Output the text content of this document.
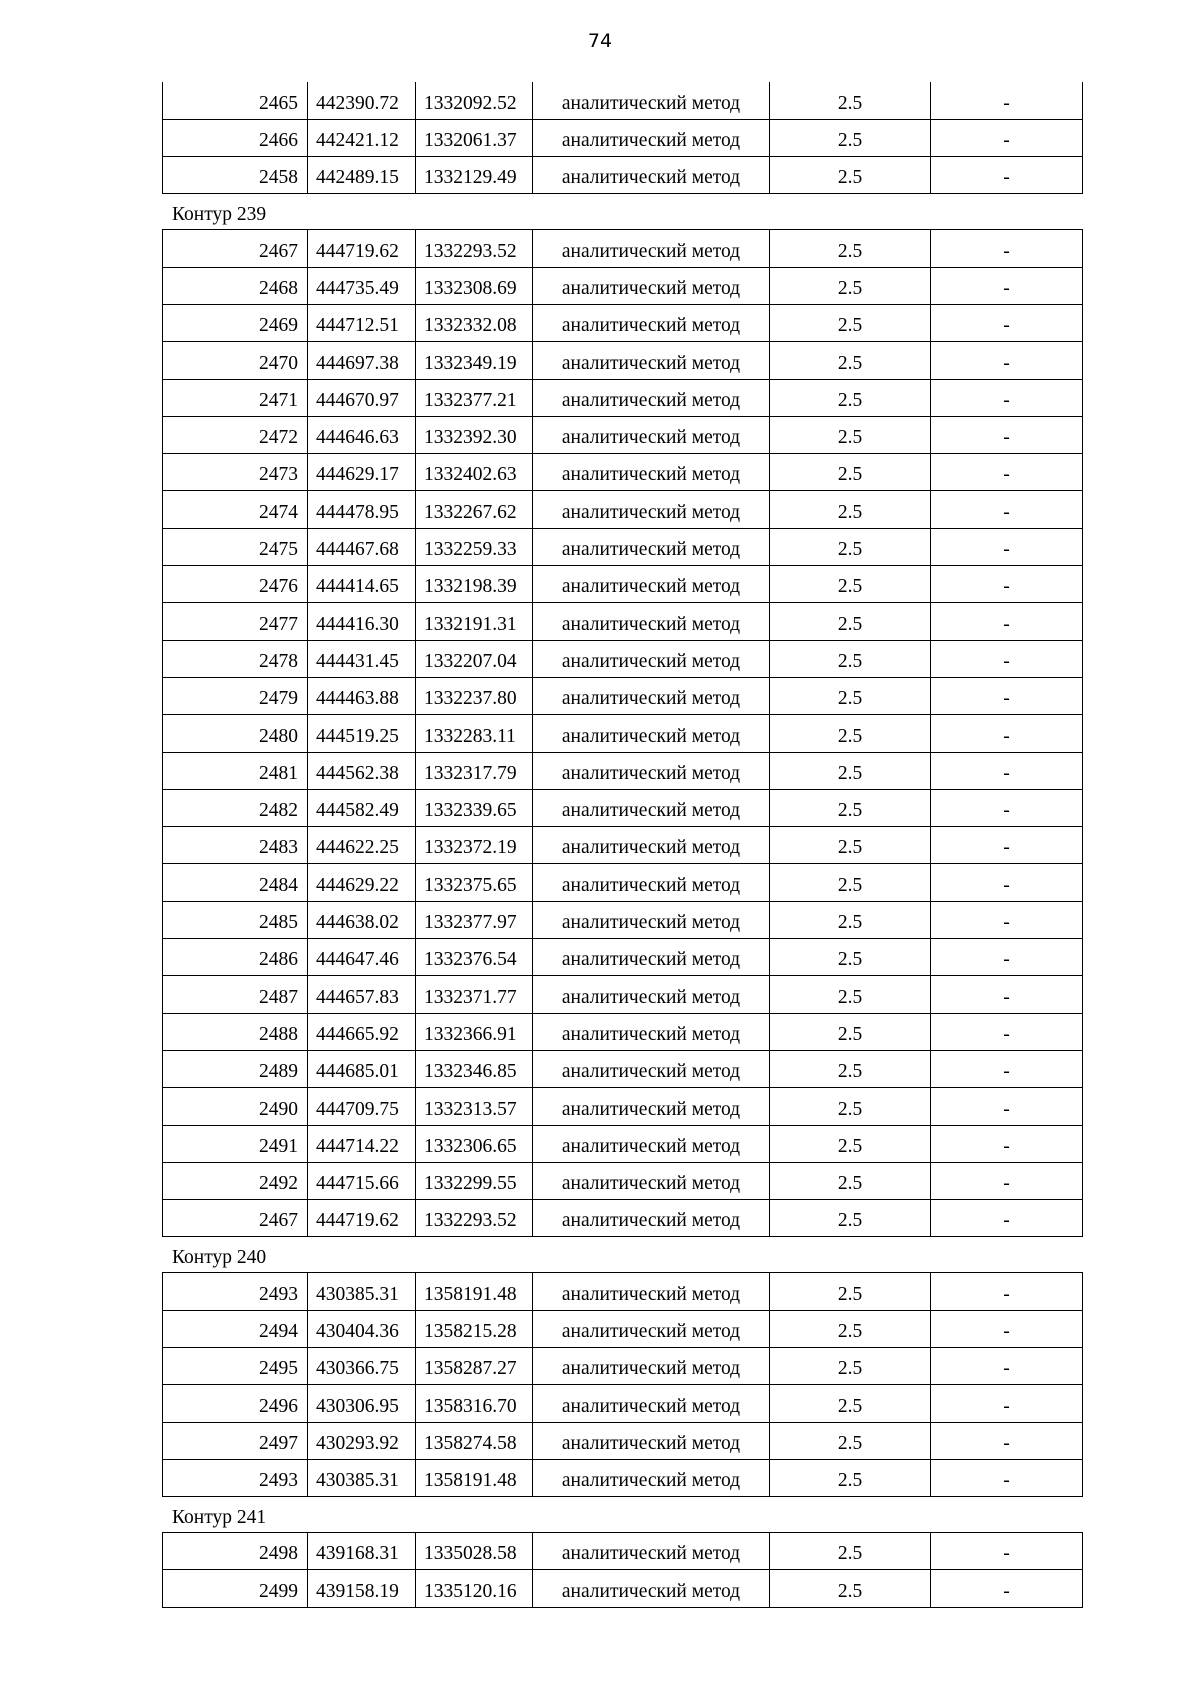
74
2465	442390.72	1332092.52	аналитический метод	2.5	-
2466	442421.12	1332061.37	аналитический метод	2.5	-
2458	442489.15	1332129.49	аналитический метод	2.5	-
Контур 239
2467	444719.62	1332293.52	аналитический метод	2.5	-
2468	444735.49	1332308.69	аналитический метод	2.5	-
2469	444712.51	1332332.08	аналитический метод	2.5	-
2470	444697.38	1332349.19	аналитический метод	2.5	-
2471	444670.97	1332377.21	аналитический метод	2.5	-
2472	444646.63	1332392.30	аналитический метод	2.5	-
2473	444629.17	1332402.63	аналитический метод	2.5	-
2474	444478.95	1332267.62	аналитический метод	2.5	-
2475	444467.68	1332259.33	аналитический метод	2.5	-
2476	444414.65	1332198.39	аналитический метод	2.5	-
2477	444416.30	1332191.31	аналитический метод	2.5	-
2478	444431.45	1332207.04	аналитический метод	2.5	-
2479	444463.88	1332237.80	аналитический метод	2.5	-
2480	444519.25	1332283.11	аналитический метод	2.5	-
2481	444562.38	1332317.79	аналитический метод	2.5	-
2482	444582.49	1332339.65	аналитический метод	2.5	-
2483	444622.25	1332372.19	аналитический метод	2.5	-
2484	444629.22	1332375.65	аналитический метод	2.5	-
2485	444638.02	1332377.97	аналитический метод	2.5	-
2486	444647.46	1332376.54	аналитический метод	2.5	-
2487	444657.83	1332371.77	аналитический метод	2.5	-
2488	444665.92	1332366.91	аналитический метод	2.5	-
2489	444685.01	1332346.85	аналитический метод	2.5	-
2490	444709.75	1332313.57	аналитический метод	2.5	-
2491	444714.22	1332306.65	аналитический метод	2.5	-
2492	444715.66	1332299.55	аналитический метод	2.5	-
2467	444719.62	1332293.52	аналитический метод	2.5	-
Контур 240
2493	430385.31	1358191.48	аналитический метод	2.5	-
2494	430404.36	1358215.28	аналитический метод	2.5	-
2495	430366.75	1358287.27	аналитический метод	2.5	-
2496	430306.95	1358316.70	аналитический метод	2.5	-
2497	430293.92	1358274.58	аналитический метод	2.5	-
2493	430385.31	1358191.48	аналитический метод	2.5	-
Контур 241
2498	439168.31	1335028.58	аналитический метод	2.5	-
2499	439158.19	1335120.16	аналитический метод	2.5	-
